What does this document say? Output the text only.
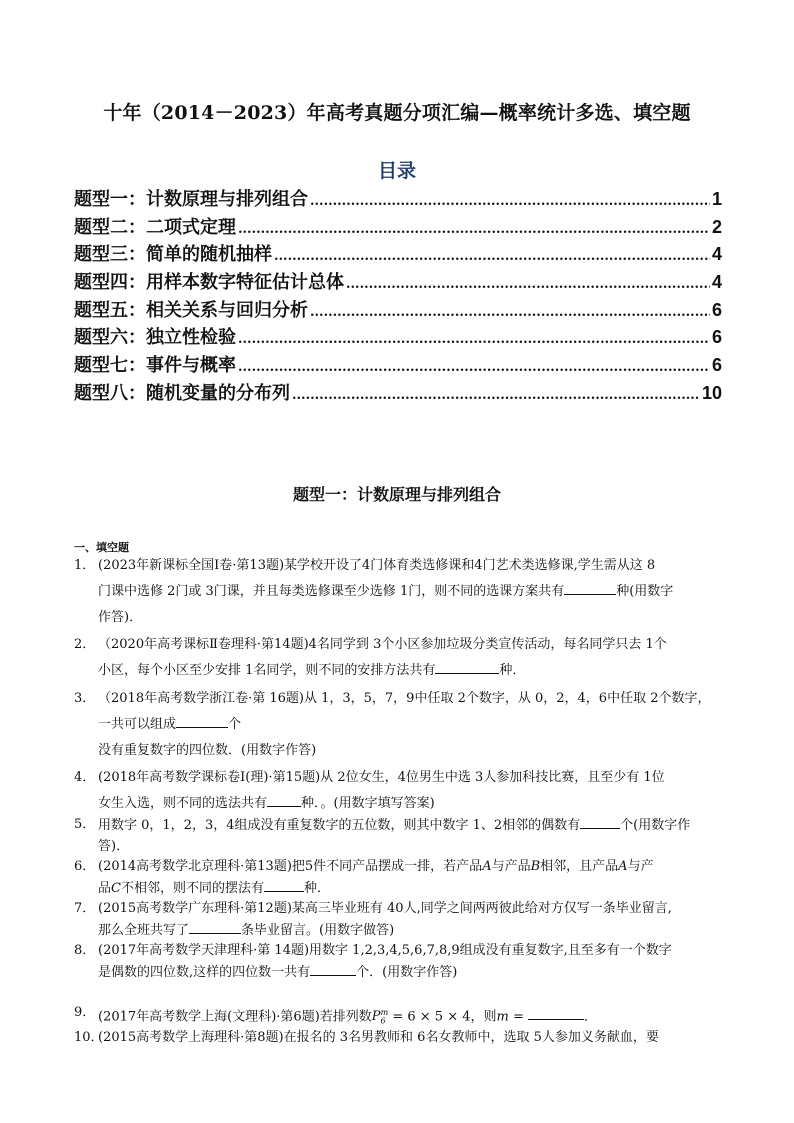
十年（2014－2023）年高考真题分项汇编—概率统计多选、填空题
目录
题型一：计数原理与排列组合 .....	1
题型二：二项式定理 .....	2
题型三：简单的随机抽样 .....	4
题型四：用样本数字特征估计总体 .....	4
题型五：相关关系与回归分析 .....	6
题型六：独立性检验 .....	6
题型七：事件与概率 .....	6
题型八：随机变量的分布列 .....	10
题型一：计数原理与排列组合
一、填空题
1． (2023年新课标全国Ⅰ卷·第13题)某学校开设了4门体育类选修课和4门艺术类选修课,学生需从这 8
门课中选修 2门或 3门课，并且每类选修课至少选修 1门，则不同的选课方案共有	种(用数字
作答)．
2． （2020年高考课标Ⅱ卷理科·第14题)4名同学到 3个小区参加垃圾分类宣传活动，每名同学只去 1个
小区，每个小区至少安排 1名同学，则不同的安排方法共有	种．
3． （2018年高考数学浙江卷·第 16题)从 1，3，5，7，9中任取 2个数字，从 0，2，4，6中任取 2个数字，
一共可以组成	个
没有重复数字的四位数．(用数字作答)
4． (2018年高考数学课标卷Ⅰ(理)·第15题)从 2位女生，4位男生中选 3人参加科技比赛，且至少有 1位
女生入选，则不同的选法共有	种．。(用数字填写答案)
5． 用数字 0，1，2，3，4组成没有重复数字的五位数，则其中数字 1、2相邻的偶数有	个(用数字作
答)．
6． (2014高考数学北京理科·第13题)把5件不同产品摆成一排，若产品A与产品B相邻，且产品A与产
品C不相邻，则不同的摆法有	种．
7． (2015高考数学广东理科·第12题)某高三毕业班有 40人,同学之间两两彼此给对方仅写一条毕业留言,
那么全班共写了	条毕业留言。(用数字做答)
8． (2017年高考数学天津理科·第 14题)用数字 1,2,3,4,5,6,7,8,9组成没有重复数字,且至多有一个数字
是偶数的四位数,这样的四位数一共有	个．(用数字作答)
9． (2017年高考数学上海(文理科)·第6题)若排列数$P_6^m = 6 \times 5 \times 4$，则m =	．
10．
(2015高考数学上海理科·第8题)在报名的 3名男教师和 6名女教师中，选取 5人参加义务献血，要
